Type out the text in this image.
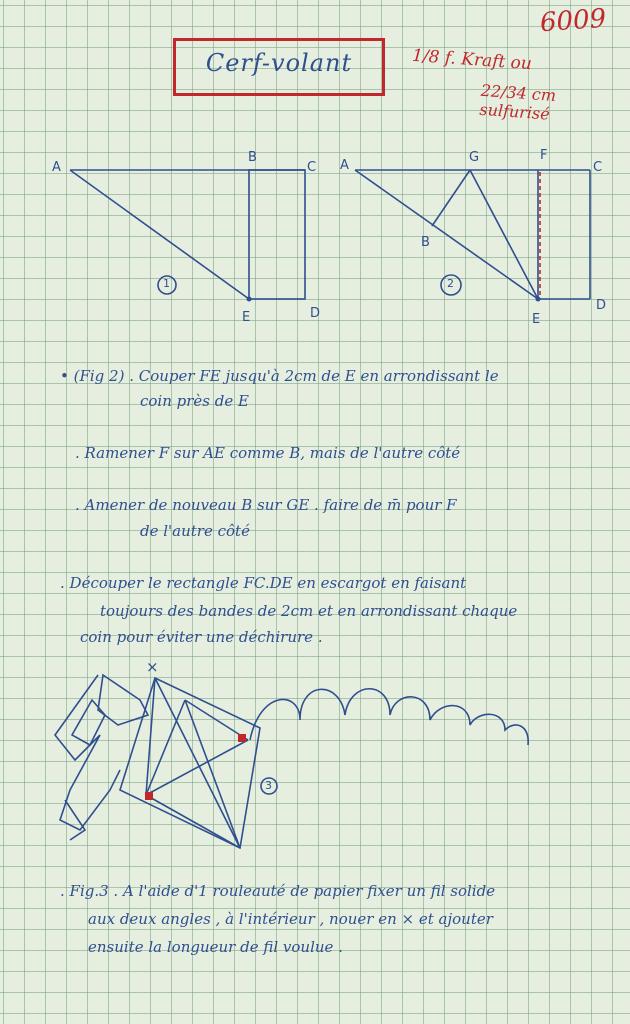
6009
Cerf-volant	1/8 f. Kraft ou
22/34 cm sulfurisé
A
B
C
D
E
1
A
G	F
C
B
E
D
2
×
3
• (Fig 2) . Couper FE jusqu'à 2cm de E en arrondissant le
coin près de E
. Ramener F sur AE comme B, mais de l'autre côté
. Amener de nouveau B sur GE . faire de m̄ pour F
de l'autre côté
. Découper le rectangle FC.DE en escargot en faisant
toujours des bandes de 2cm et en arrondissant chaque
coin pour éviter une déchirure .
. Fig.3 . A l'aide d'1 rouleauté de papier fixer un fil solide
aux deux angles , à l'intérieur , nouer en × et ajouter
ensuite la longueur de fil voulue .
